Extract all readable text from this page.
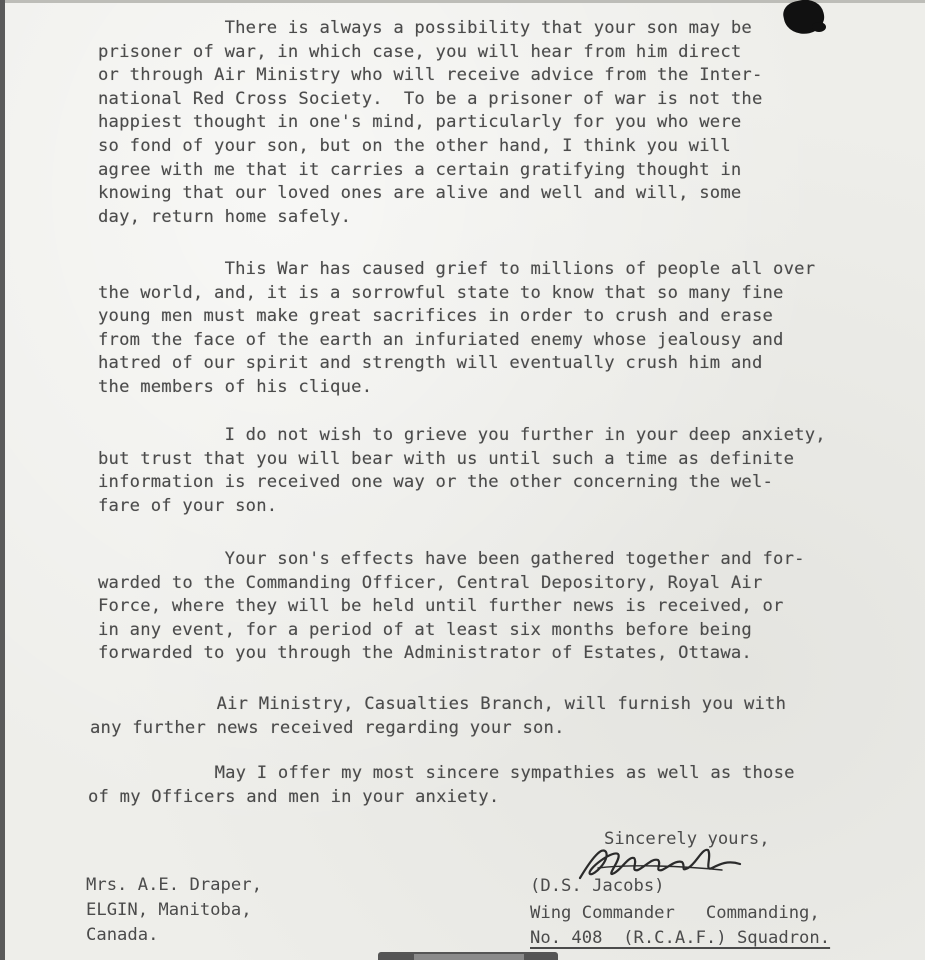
There is always a possibility that your son may be
prisoner of war, in which case, you will hear from him direct
or through Air Ministry who will receive advice from the Inter-
national Red Cross Society.  To be a prisoner of war is not the
happiest thought in one's mind, particularly for you who were
so fond of your son, but on the other hand, I think you will
agree with me that it carries a certain gratifying thought in
knowing that our loved ones are alive and well and will, some
day, return home safely.
This War has caused grief to millions of people all over
the world, and, it is a sorrowful state to know that so many fine
young men must make great sacrifices in order to crush and erase
from the face of the earth an infuriated enemy whose jealousy and
hatred of our spirit and strength will eventually crush him and
the members of his clique.
I do not wish to grieve you further in your deep anxiety,
but trust that you will bear with us until such a time as definite
information is received one way or the other concerning the wel-
fare of your son.
Your son's effects have been gathered together and for-
warded to the Commanding Officer, Central Depository, Royal Air
Force, where they will be held until further news is received, or
in any event, for a period of at least six months before being
forwarded to you through the Administrator of Estates, Ottawa.
Air Ministry, Casualties Branch, will furnish you with
any further news received regarding your son.
May I offer my most sincere sympathies as well as those
of my Officers and men in your anxiety.
Sincerely yours,
(D.S. Jacobs)
Wing Commander   Commanding,
No. 408  (R.C.A.F.) Squadron.
Mrs. A.E. Draper,
ELGIN, Manitoba,
Canada.
